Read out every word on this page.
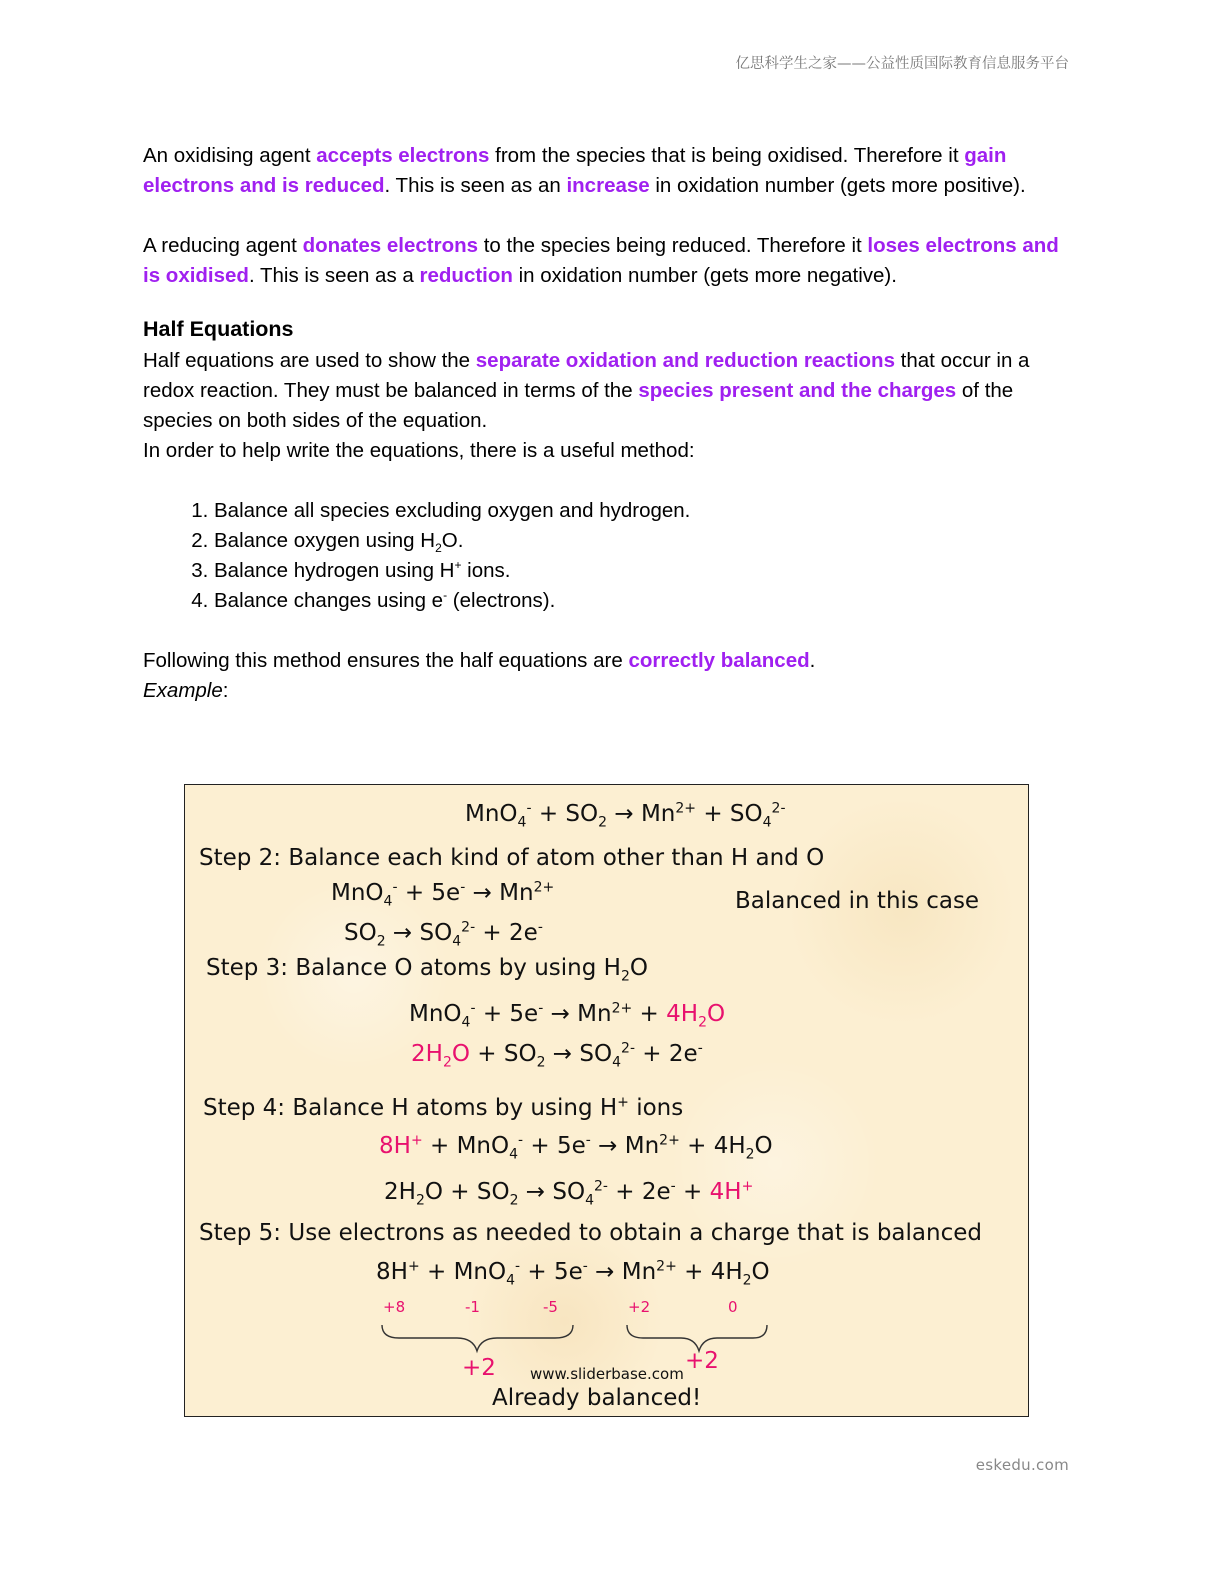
亿思科学生之家——公益性质国际教育信息服务平台

An oxidising agent accepts electrons from the species that is being oxidised. Therefore it gain electrons and is reduced. This is seen as an increase in oxidation number (gets more positive).

A reducing agent donates electrons to the species being reduced. Therefore it loses electrons and is oxidised. This is seen as a reduction in oxidation number (gets more negative).

Half Equations

Half equations are used to show the separate oxidation and reduction reactions that occur in a redox reaction. They must be balanced in terms of the species present and the charges of the species on both sides of the equation.

In order to help write the equations, there is a useful method:

1. Balance all species excluding oxygen and hydrogen.
2. Balance oxygen using $H_2O$.
3. Balance hydrogen using H+ ions.
4. Balance changes using e- (electrons).

Following this method ensures the half equations are correctly balanced.

Example:

$MnO_4^- + SO_2 \to Mn^{2+} + SO_4^{2-}$
Step 2: Balance each kind of atom other than H and O
$MnO_4^- + 5e^- \to Mn^{2+}$
Balanced in this case
$SO_2 \to SO_4^{2-} + 2e^-$
Step 3: Balance O atoms by using $H_2O$
$MnO_4^- + 5e^- \to Mn^{2+} + 4H_2O$
$2H_2O + SO_2 \to SO_4^{2-} + 2e^-$
Step 4: Balance H atoms by using H+ ions
$8H^+ + MnO_4^- + 5e^- \to Mn^{2+} + 4H_2O$
$2H_2O + SO_2 \to SO_4^{2-} + 2e^- + 4H^+$
Step 5: Use electrons as needed to obtain a charge that is balanced
$8H^+ + MnO_4^- + 5e^- \to Mn^{2+} + 4H_2O$
+8	-1	-5	+2	0
+2	+2
www.sliderbase.com
Already balanced!
eskedu.com
